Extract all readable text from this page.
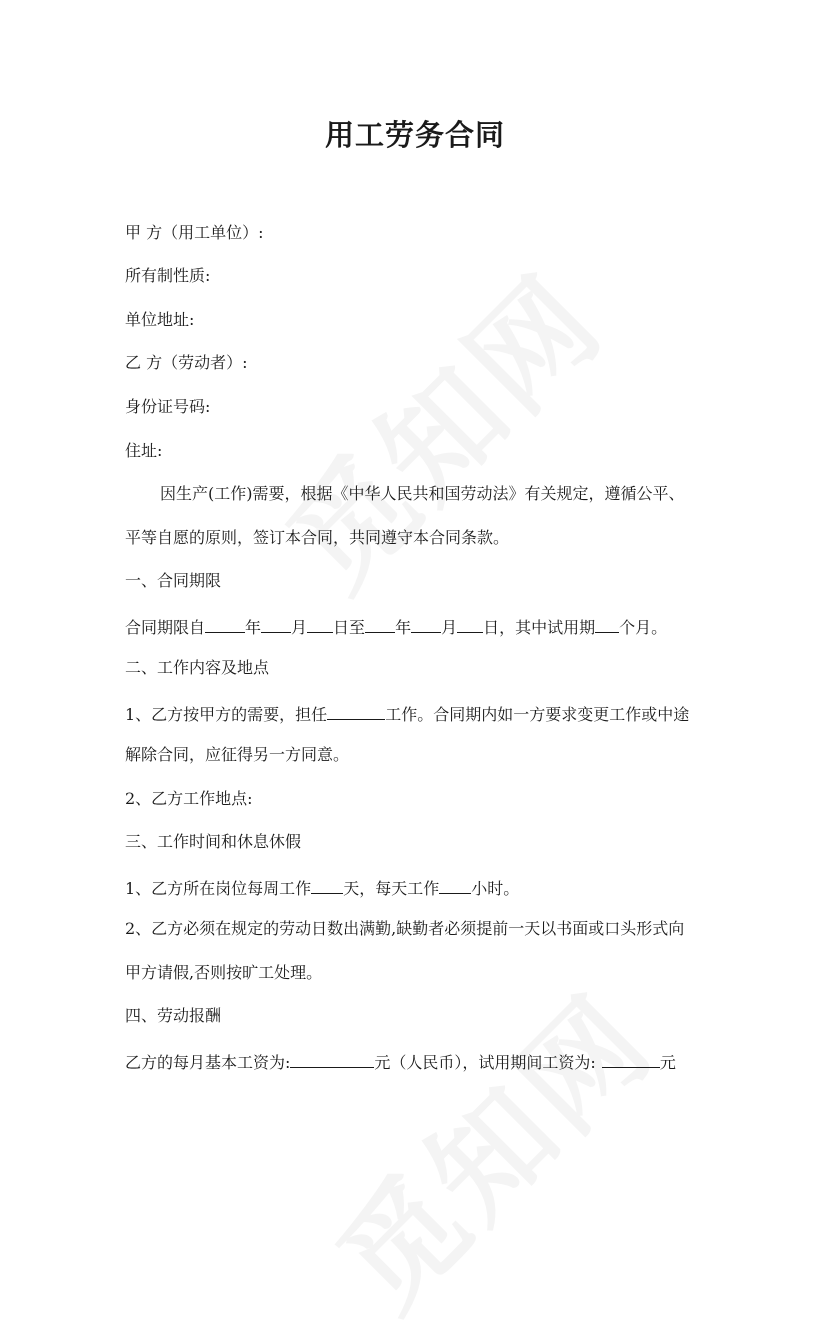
用工劳务合同
甲 方（用工单位）:
所有制性质:
单位地址:
乙 方（劳动者）:
身份证号码:
住址:
因生产(工作)需要，根据《中华人民共和国劳动法》有关规定，遵循公平、
平等自愿的原则，签订本合同，共同遵守本合同条款。
一、合同期限
合同期限自	年 月 日至 年 月 日，其中试用期 个月。
二、工作内容及地点
1、乙方按甲方的需要，担任	工作。合同期内如一方要求变更工作或中途
解除合同，应征得另一方同意。
2、乙方工作地点:
三、工作时间和休息休假
1、乙方所在岗位每周工作 天，每天工作 小时。
2、乙方必须在规定的劳动日数出满勤,缺勤者必须提前一天以书面或口头形式向
甲方请假,否则按旷工处理。
四、劳动报酬
乙方的每月基本工资为:	元（人民币），试用期间工资为:	元
